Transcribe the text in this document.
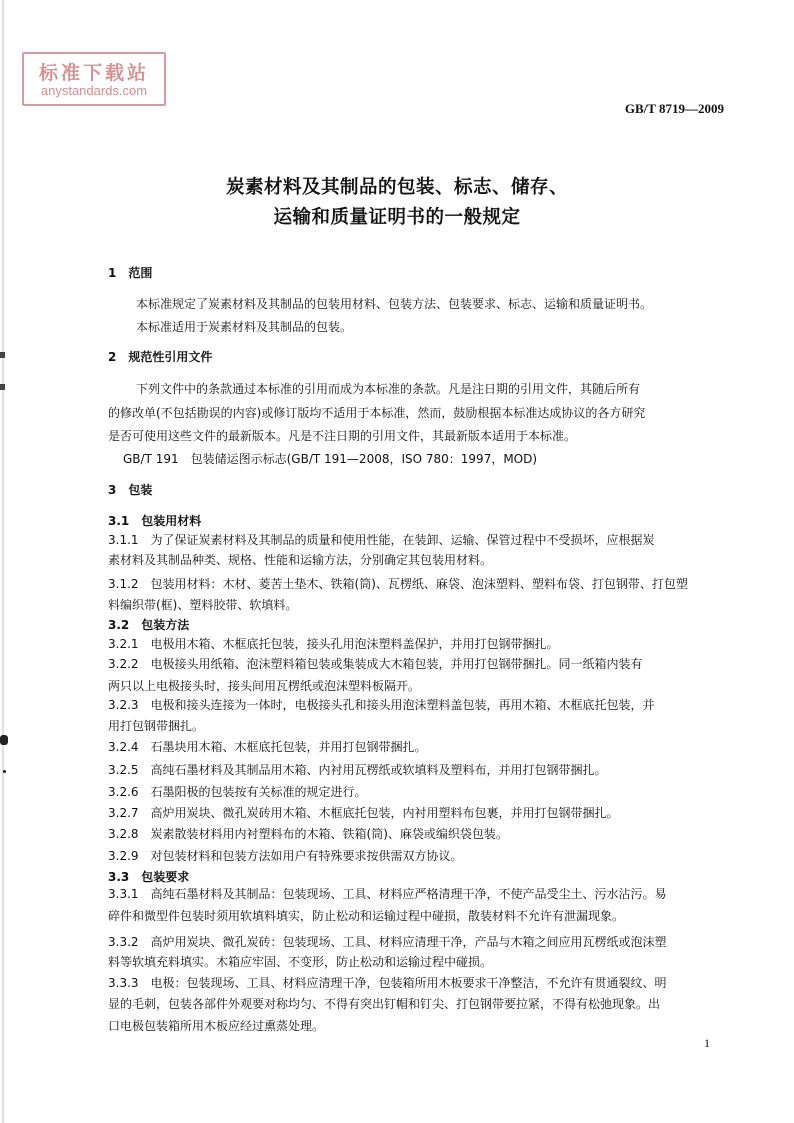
标准下载站
anystandards.com
GB/T 8719—2009
炭素材料及其制品的包装、标志、储存、
运输和质量证明书的一般规定
1　范围
本标准规定了炭素材料及其制品的包装用材料、包装方法、包装要求、标志、运输和质量证明书。
本标准适用于炭素材料及其制品的包装。
2　规范性引用文件
下列文件中的条款通过本标准的引用而成为本标准的条款。凡是注日期的引用文件，其随后所有
的修改单(不包括勘误的内容)或修订版均不适用于本标准，然而，鼓励根据本标准达成协议的各方研究
是否可使用这些文件的最新版本。凡是不注日期的引用文件，其最新版本适用于本标准。
GB/T 191　包装储运图示标志(GB/T 191—2008，ISO 780：1997，MOD)
3　包装
3.1　包装用材料
3.1.1　为了保证炭素材料及其制品的质量和使用性能，在装卸、运输、保管过程中不受损坏，应根据炭
素材料及其制品种类、规格、性能和运输方法，分别确定其包装用材料。
3.1.2　包装用材料：木材、菱苦土垫木、铁箱(筒)、瓦楞纸、麻袋、泡沫塑料、塑料布袋、打包钢带、打包塑
料编织带(框)、塑料胶带、软填料。
3.2　包装方法
3.2.1　电极用木箱、木框底托包装，接头孔用泡沫塑料盖保护，并用打包钢带捆扎。
3.2.2　电极接头用纸箱、泡沫塑料箱包装或集装成大木箱包装，并用打包钢带捆扎。同一纸箱内装有
两只以上电极接头时，接头间用瓦楞纸或泡沫塑料板隔开。
3.2.3　电极和接头连接为一体时，电极接头孔和接头用泡沫塑料盖包装，再用木箱、木框底托包装，并
用打包钢带捆扎。
3.2.4　石墨块用木箱、木框底托包装，并用打包钢带捆扎。
3.2.5　高纯石墨材料及其制品用木箱、内衬用瓦楞纸或软填料及塑料布，并用打包钢带捆扎。
3.2.6　石墨阳极的包装按有关标准的规定进行。
3.2.7　高炉用炭块、微孔炭砖用木箱、木框底托包装，内衬用塑料布包裹，并用打包钢带捆扎。
3.2.8　炭素散装材料用内衬塑料布的木箱、铁箱(筒)、麻袋或编织袋包装。
3.2.9　对包装材料和包装方法如用户有特殊要求按供需双方协议。
3.3　包装要求
3.3.1　高纯石墨材料及其制品：包装现场、工具、材料应严格清理干净，不使产品受尘土、污水沾污。易
碎件和微型件包装时须用软填料填实，防止松动和运输过程中碰损，散装材料不允许有泄漏现象。
3.3.2　高炉用炭块、微孔炭砖：包装现场、工具、材料应清理干净，产品与木箱之间应用瓦楞纸或泡沫塑
料等软填充料填实。木箱应牢固、不变形，防止松动和运输过程中碰损。
3.3.3　电极：包装现场、工具、材料应清理干净，包装箱所用木板要求干净整洁，不允许有贯通裂纹、明
显的毛刺，包装各部件外观要对称均匀、不得有突出钉帽和钉尖、打包钢带要拉紧，不得有松弛现象。出
口电极包装箱所用木板应经过熏蒸处理。
1
